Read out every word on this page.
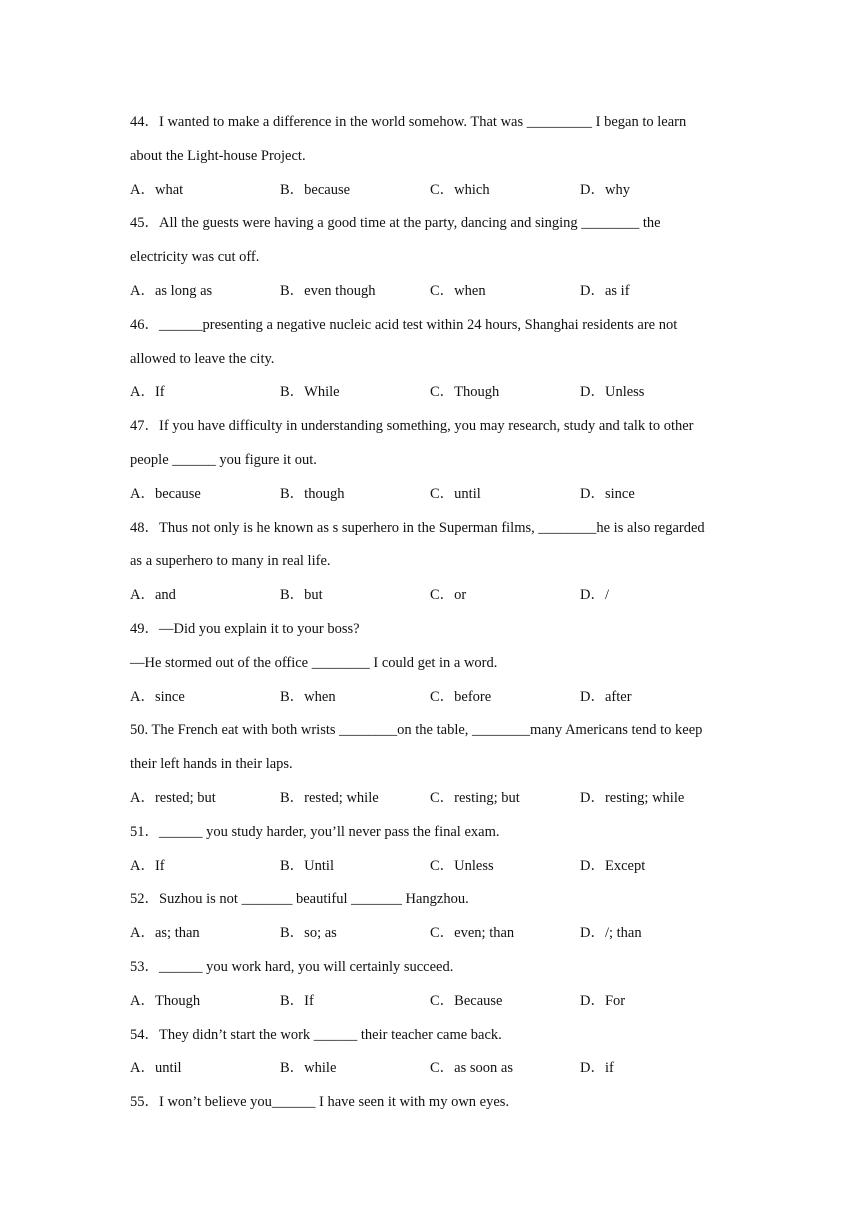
44．I wanted to make a difference in the world somehow. That was _________ I began to learn
about the Light-house Project.
A．what	B．because	C．which	D．why
45．All the guests were having a good time at the party, dancing and singing ________ the
electricity was cut off.
A．as long as	B．even though	C．when	D．as if
46．______presenting a negative nucleic acid test within 24 hours, Shanghai residents are not
allowed to leave the city.
A．If	B．While	C．Though	D．Unless
47．If you have difficulty in understanding something, you may research, study and talk to other
people ______ you figure it out.
A．because	B．though	C．until	D．since
48．Thus not only is he known as s superhero in the Superman films, ________he is also regarded
as a superhero to many in real life.
A．and	B．but	C．or	D．/
49．—Did you explain it to your boss?
—He stormed out of the office ________ I could get in a word.
A．since	B．when	C．before	D．after
50. The French eat with both wrists ________on the table, ________many Americans tend to keep
their left hands in their laps.
A．rested; but	B．rested; while	C．resting; but	D．resting; while
51．______ you study harder, you’ll never pass the final exam.
A．If	B．Until	C．Unless	D．Except
52．Suzhou is not _______ beautiful _______ Hangzhou.
A．as; than	B．so; as	C．even; than	D．/; than
53．______ you work hard, you will certainly succeed.
A．Though	B．If	C．Because	D．For
54．They didn’t start the work ______ their teacher came back.
A．until	B．while	C．as soon as	D．if
55．I won’t believe you______ I have seen it with my own eyes.
